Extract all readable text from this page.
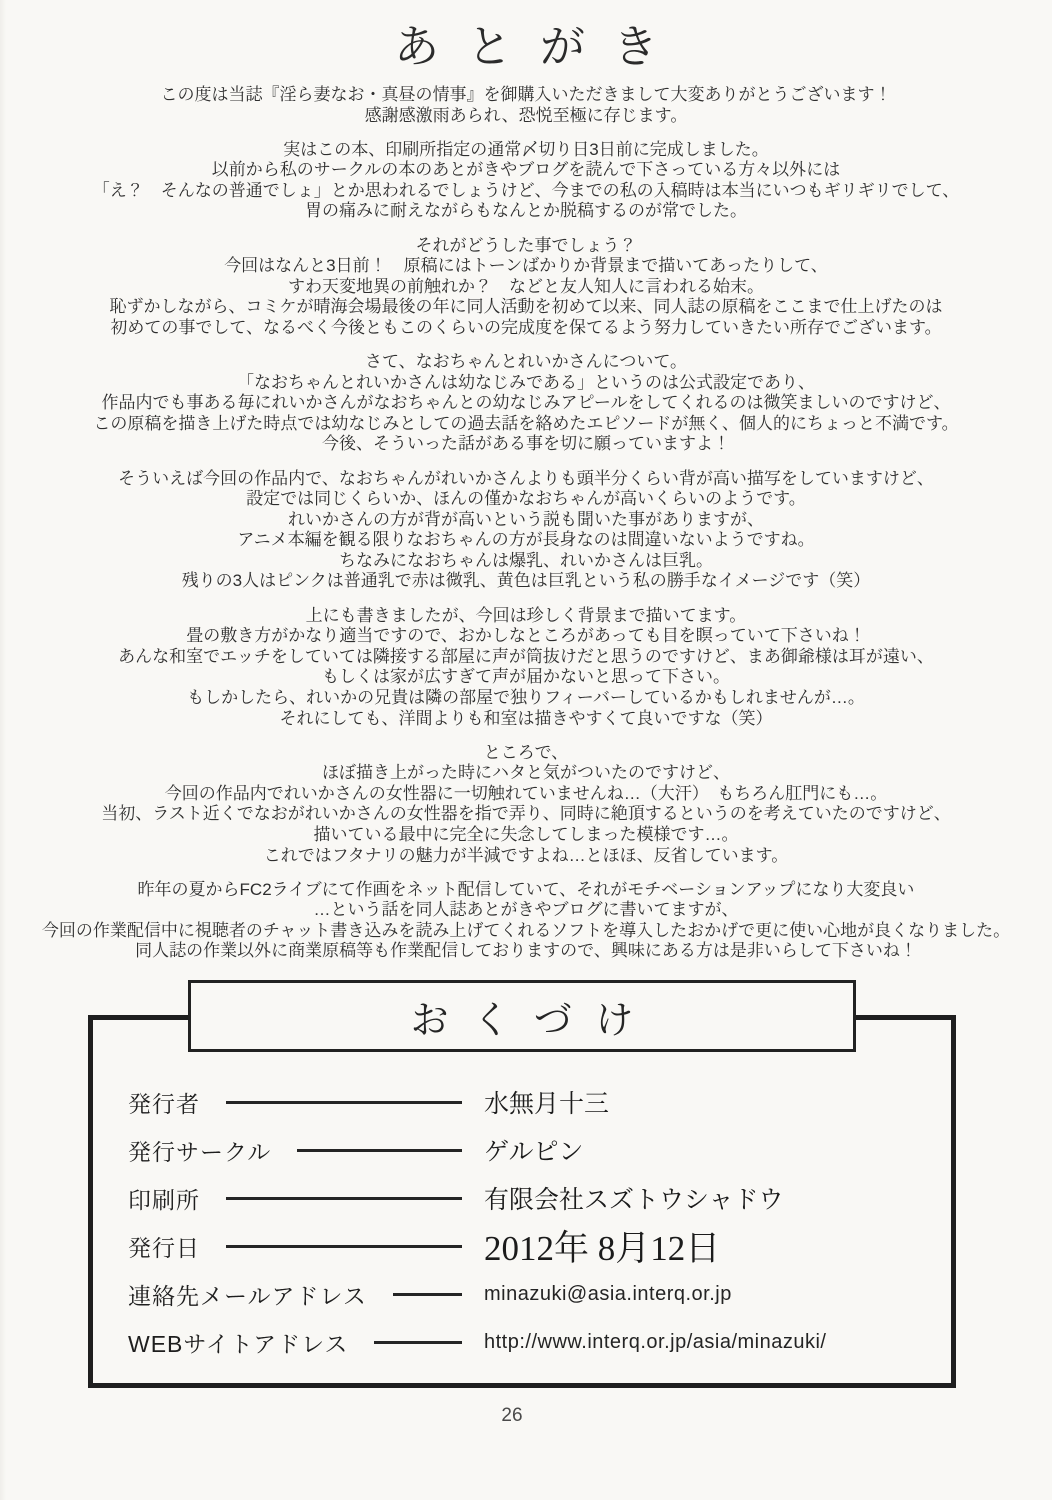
あとがき
この度は当誌『淫ら妻なお・真昼の情事』を御購入いただきまして大変ありがとうございます！
感謝感激雨あられ、恐悦至極に存じます。
実はこの本、印刷所指定の通常〆切り日3日前に完成しました。
以前から私のサークルの本のあとがきやブログを読んで下さっている方々以外には
「え？　そんなの普通でしょ」とか思われるでしょうけど、今までの私の入稿時は本当にいつもギリギリでして、
胃の痛みに耐えながらもなんとか脱稿するのが常でした。
それがどうした事でしょう？
今回はなんと3日前！　原稿にはトーンばかりか背景まで描いてあったりして、
すわ天変地異の前触れか？　などと友人知人に言われる始末。
恥ずかしながら、コミケが晴海会場最後の年に同人活動を初めて以来、同人誌の原稿をここまで仕上げたのは
初めての事でして、なるべく今後ともこのくらいの完成度を保てるよう努力していきたい所存でございます。
さて、なおちゃんとれいかさんについて。
「なおちゃんとれいかさんは幼なじみである」というのは公式設定であり、
作品内でも事ある毎にれいかさんがなおちゃんとの幼なじみアピールをしてくれるのは微笑ましいのですけど、
この原稿を描き上げた時点では幼なじみとしての過去話を絡めたエピソードが無く、個人的にちょっと不満です。
今後、そういった話がある事を切に願っていますよ！
そういえば今回の作品内で、なおちゃんがれいかさんよりも頭半分くらい背が高い描写をしていますけど、
設定では同じくらいか、ほんの僅かなおちゃんが高いくらいのようです。
れいかさんの方が背が高いという説も聞いた事がありますが、
アニメ本編を観る限りなおちゃんの方が長身なのは間違いないようですね。
ちなみになおちゃんは爆乳、れいかさんは巨乳。
残りの3人はピンクは普通乳で赤は微乳、黄色は巨乳という私の勝手なイメージです（笑）
上にも書きましたが、今回は珍しく背景まで描いてます。
畳の敷き方がかなり適当ですので、おかしなところがあっても目を瞑っていて下さいね！
あんな和室でエッチをしていては隣接する部屋に声が筒抜けだと思うのですけど、まあ御爺様は耳が遠い、
もしくは家が広すぎて声が届かないと思って下さい。
もしかしたら、れいかの兄貴は隣の部屋で独りフィーバーしているかもしれませんが…。
それにしても、洋間よりも和室は描きやすくて良いですな（笑）
ところで、
ほぼ描き上がった時にハタと気がついたのですけど、
今回の作品内でれいかさんの女性器に一切触れていませんね…（大汗）　もちろん肛門にも…。
当初、ラスト近くでなおがれいかさんの女性器を指で弄り、同時に絶頂するというのを考えていたのですけど、
描いている最中に完全に失念してしまった模様です…。
これではフタナリの魅力が半減ですよね…とほほ、反省しています。
昨年の夏からFC2ライブにて作画をネット配信していて、それがモチベーションアップになり大変良い
…という話を同人誌あとがきやブログに書いてますが、
今回の作業配信中に視聴者のチャット書き込みを読み上げてくれるソフトを導入したおかげで更に使い心地が良くなりました。
同人誌の作業以外に商業原稿等も作業配信しておりますので、興味にある方は是非いらして下さいね！
おくづけ
発行者	水無月十三
発行サークル	ゲルピン
印刷所	有限会社スズトウシャドウ
発行日	2012年 8月12日
連絡先メールアドレス	minazuki@asia.interq.or.jp
WEBサイトアドレス	http://www.interq.or.jp/asia/minazuki/
26
